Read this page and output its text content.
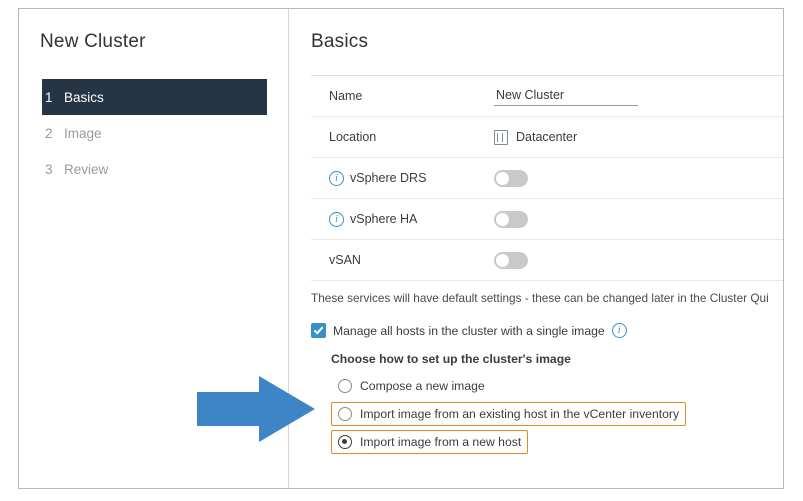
New Cluster
1 Basics
2 Image
3 Review
Basics
Name
New Cluster
Location	Datacenter
i vSphere DRS
i vSphere HA
vSAN
These services will have default settings - these can be changed later in the Cluster Qui
Manage all hosts in the cluster with a single image	i
Choose how to set up the cluster's image
Compose a new image
Import image from an existing host in the vCenter inventory
Import image from a new host
